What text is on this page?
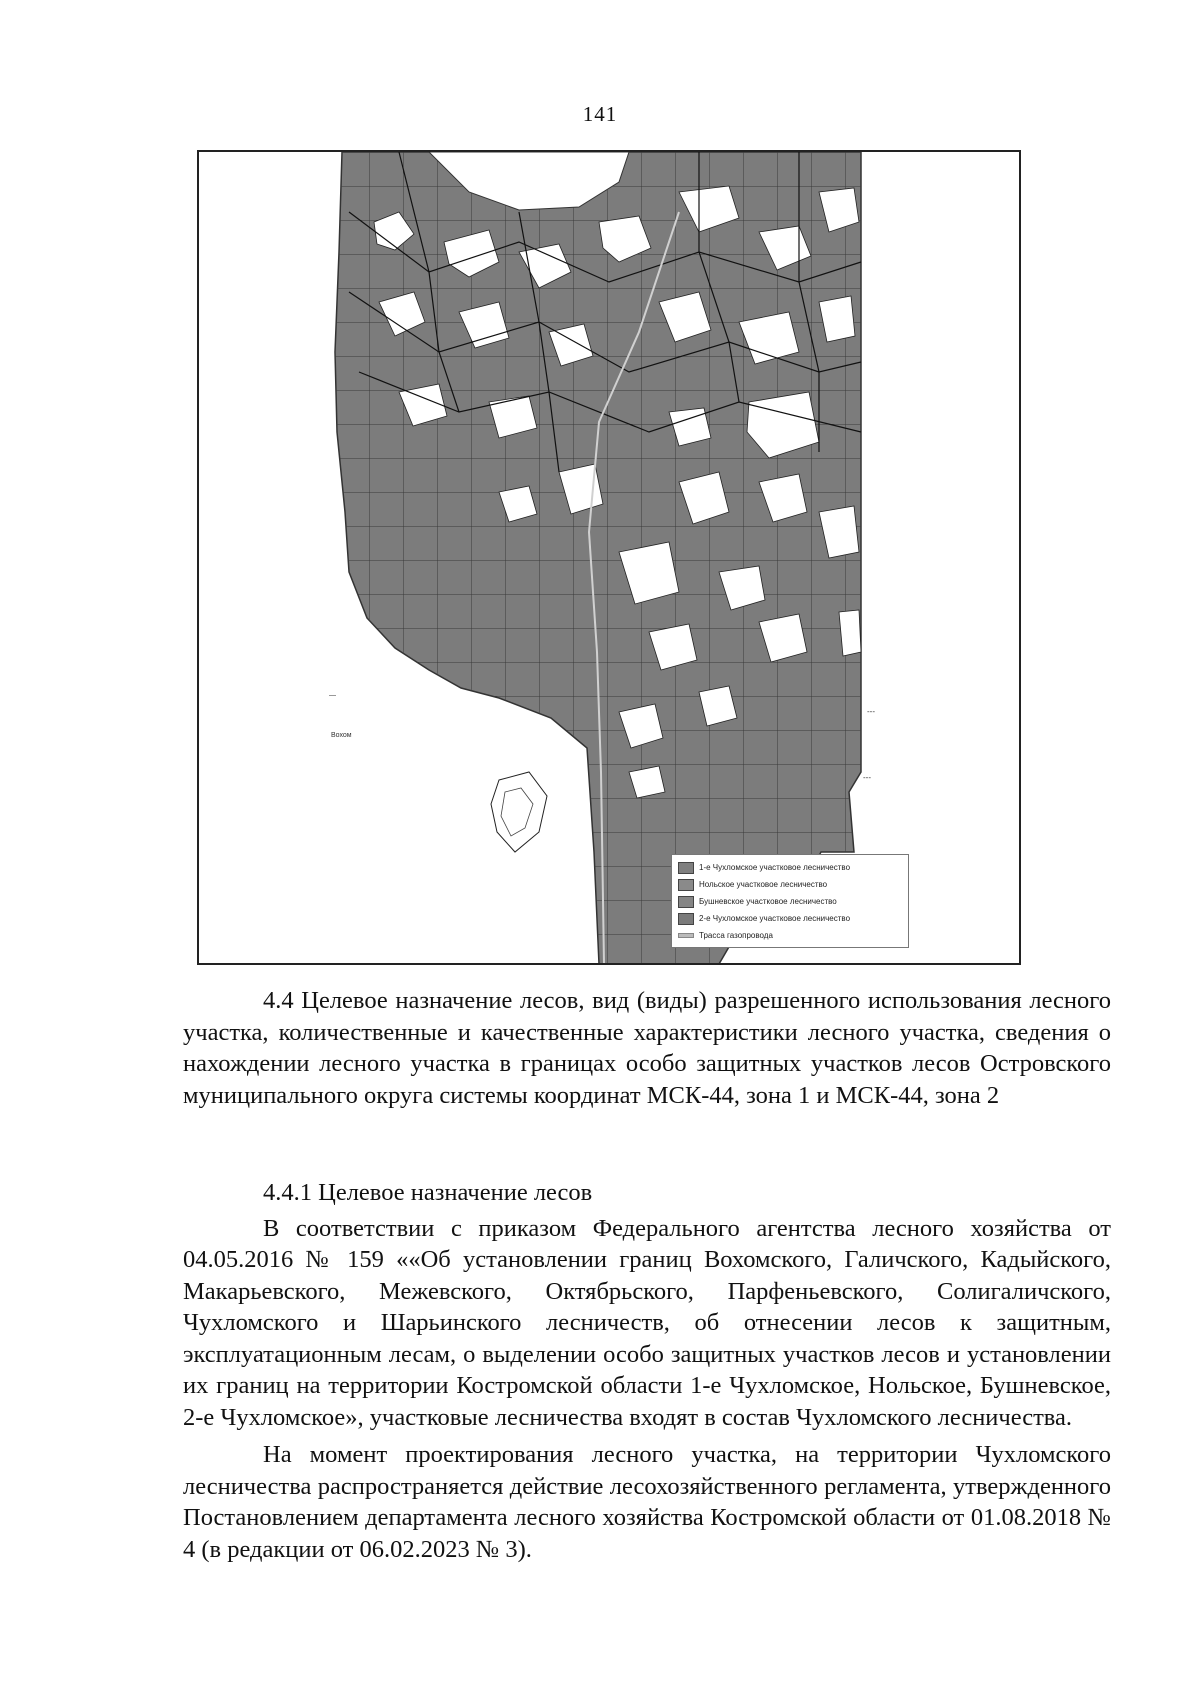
141
---
---
—
Вохом
1-е Чухломское участковое лесничество
Нольское участковое лесничество
Бушневское участковое лесничество
2-е Чухломское участковое лесничество
Трасса газопровода

4.4 Целевое назначение лесов, вид (виды) разрешенного использования лесного участка, количественные и качественные характеристики лесного участка, сведения о нахождении лесного участка в границах особо защитных участков лесов Островского муниципального округа системы координат МСК-44, зона 1 и МСК-44, зона 2

4.4.1 Целевое назначение лесов

В соответствии с приказом Федерального агентства лесного хозяйства от 04.05.2016 № 159 ««Об установлении границ Вохомского, Галичского, Кадыйского, Макарьевского, Межевского, Октябрьского, Парфеньевского, Солигаличского, Чухломского и Шарьинского лесничеств, об отнесении лесов к защитным, эксплуатационным лесам, о выделении особо защитных участков лесов и установлении их границ на территории Костромской области 1-е Чухломское, Нольское, Бушневское, 2-е Чухломское», участковые лесничества входят в состав Чухломского лесничества.

На момент проектирования лесного участка, на территории Чухломского лесничества распространяется действие лесохозяйственного регламента, утвержденного Постановлением департамента лесного хозяйства Костромской области от 01.08.2018 № 4 (в редакции от 06.02.2023 № 3).
